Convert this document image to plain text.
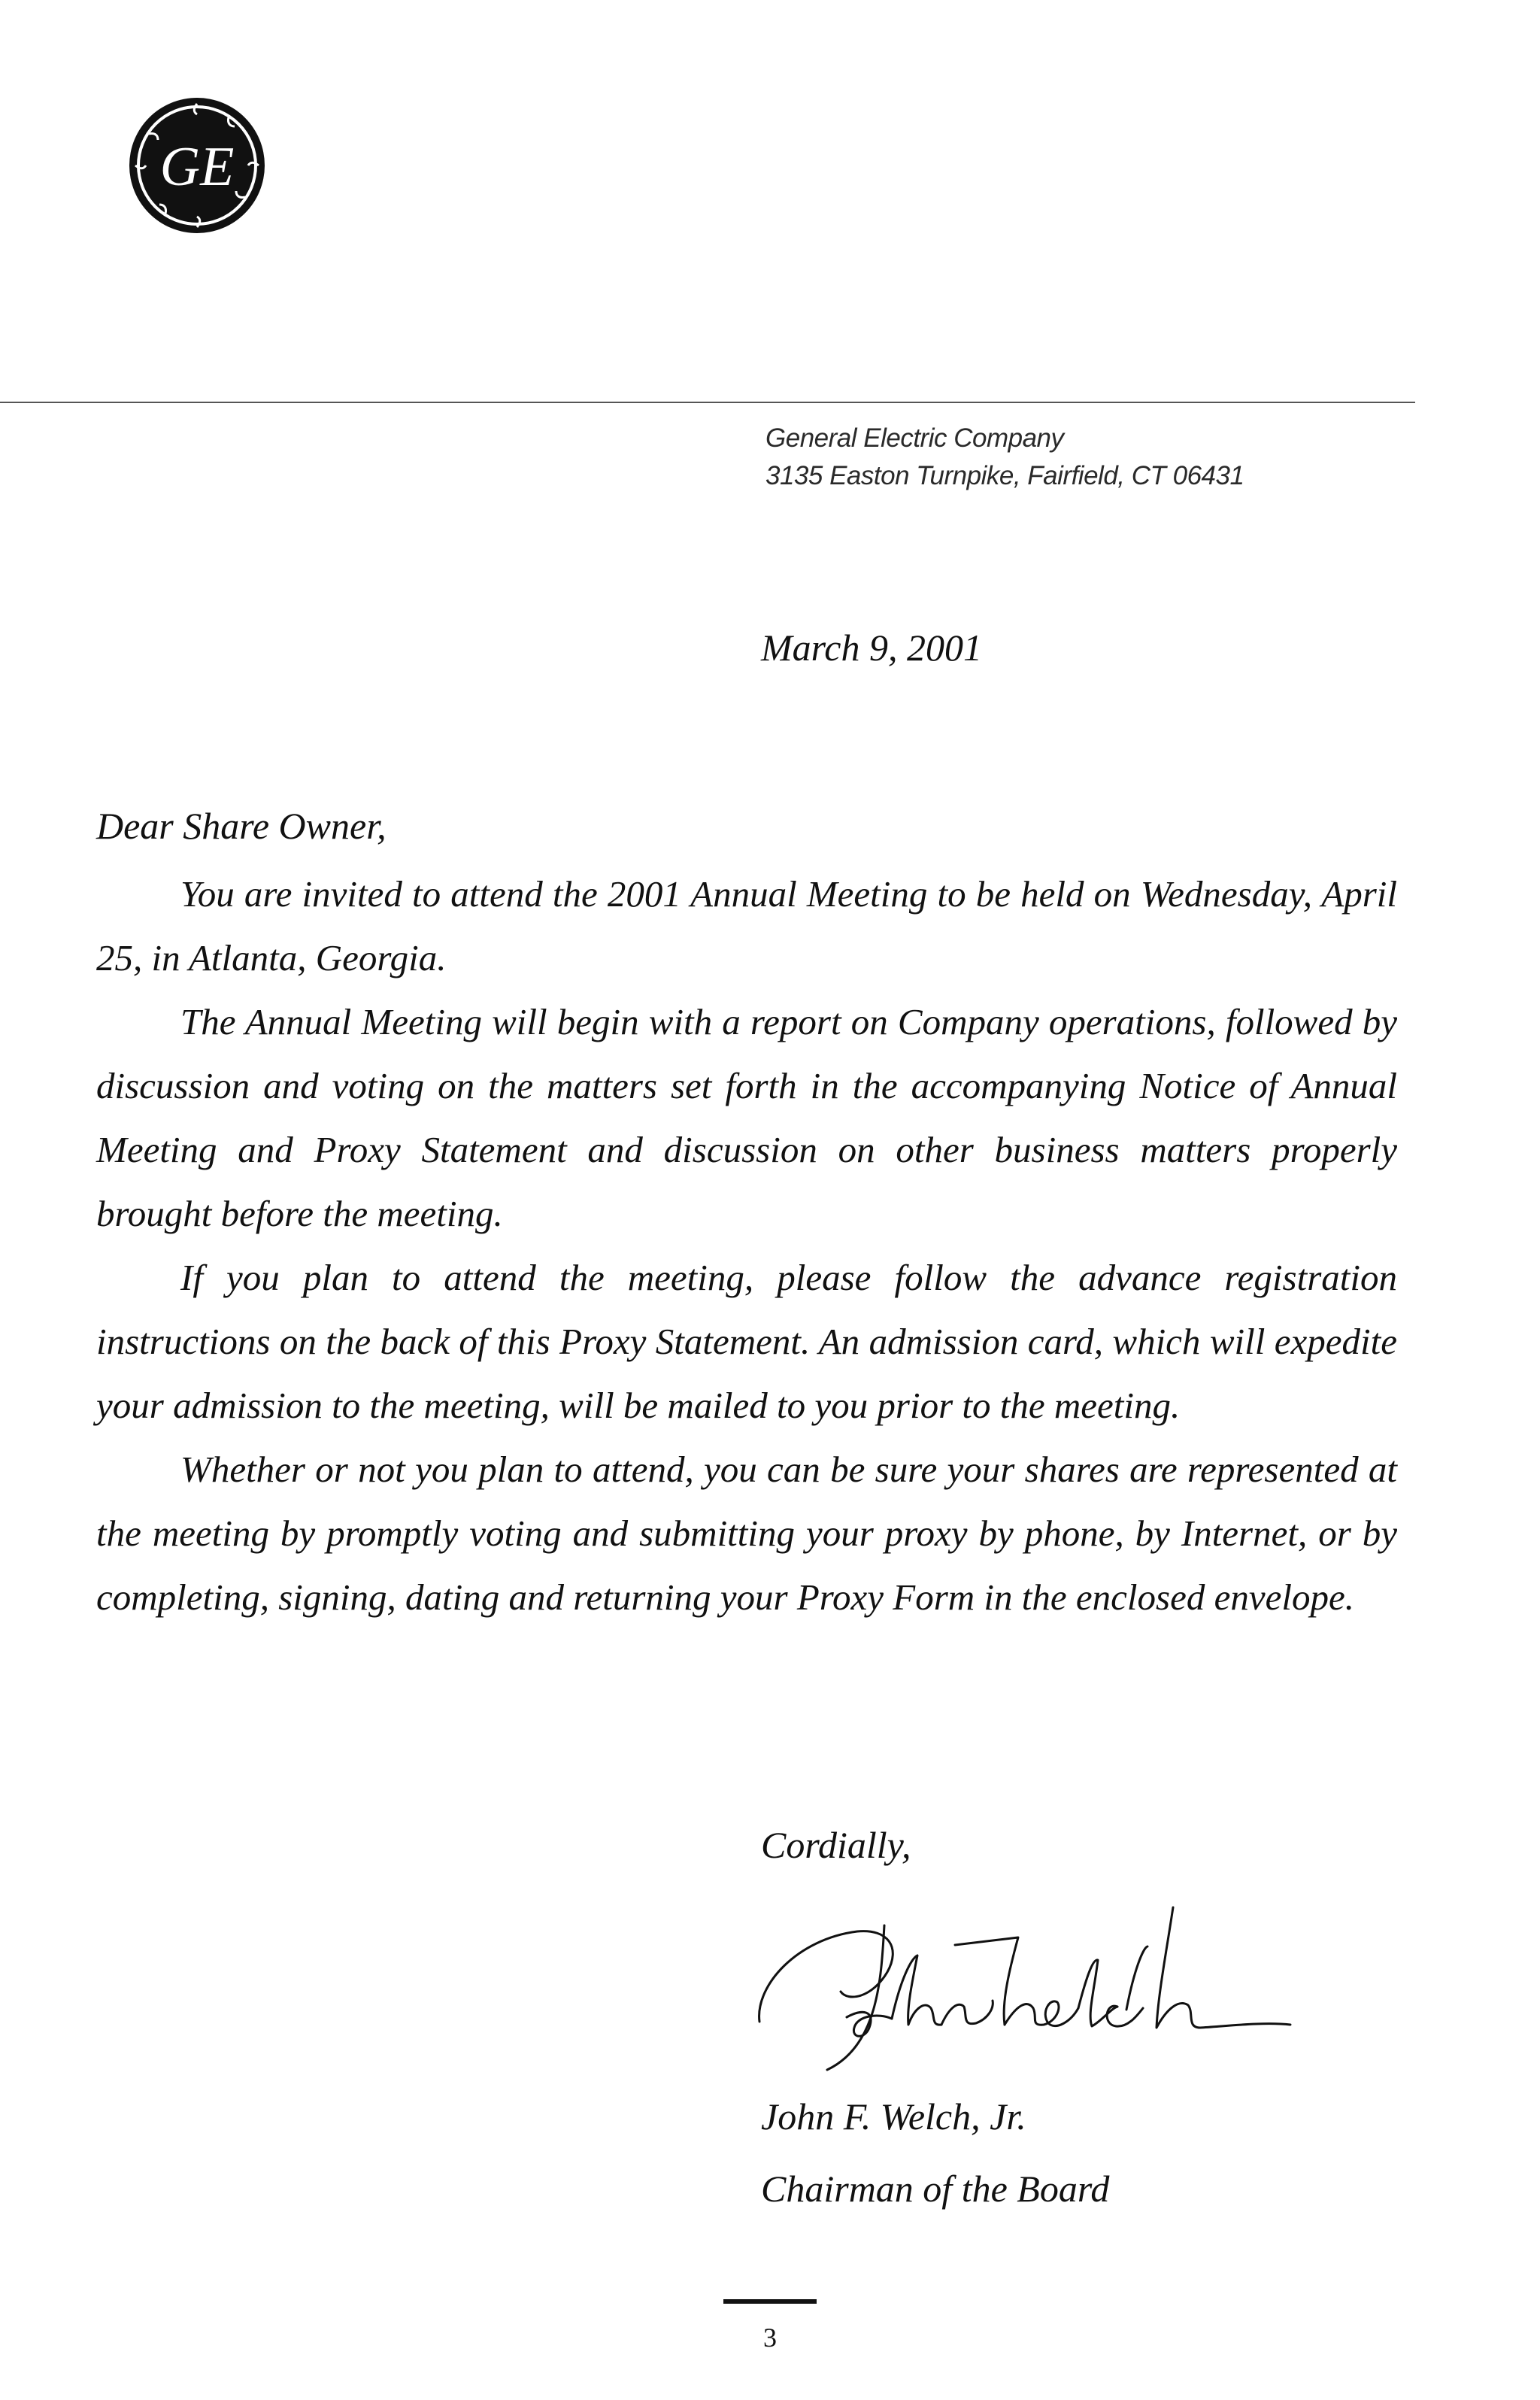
GE
General Electric Company
3135 Easton Turnpike, Fairfield, CT 06431
March 9, 2001
Dear Share Owner,

You are invited to attend the 2001 Annual Meeting to be held on Wednesday, April 25, in Atlanta, Georgia.

The Annual Meeting will begin with a report on Company operations, followed by discussion and voting on the matters set forth in the accompanying Notice of Annual Meeting and Proxy Statement and discussion on other business matters properly brought before the meeting.

If you plan to attend the meeting, please follow the advance registration instructions on the back of this Proxy Statement. An admission card, which will expedite your admission to the meeting, will be mailed to you prior to the meeting.

Whether or not you plan to attend, you can be sure your shares are represented at the meeting by promptly voting and submitting your proxy by phone, by Internet, or by completing, signing, dating and returning your Proxy Form in the enclosed envelope.

Cordially,
John F. Welch, Jr.
Chairman of the Board
3
